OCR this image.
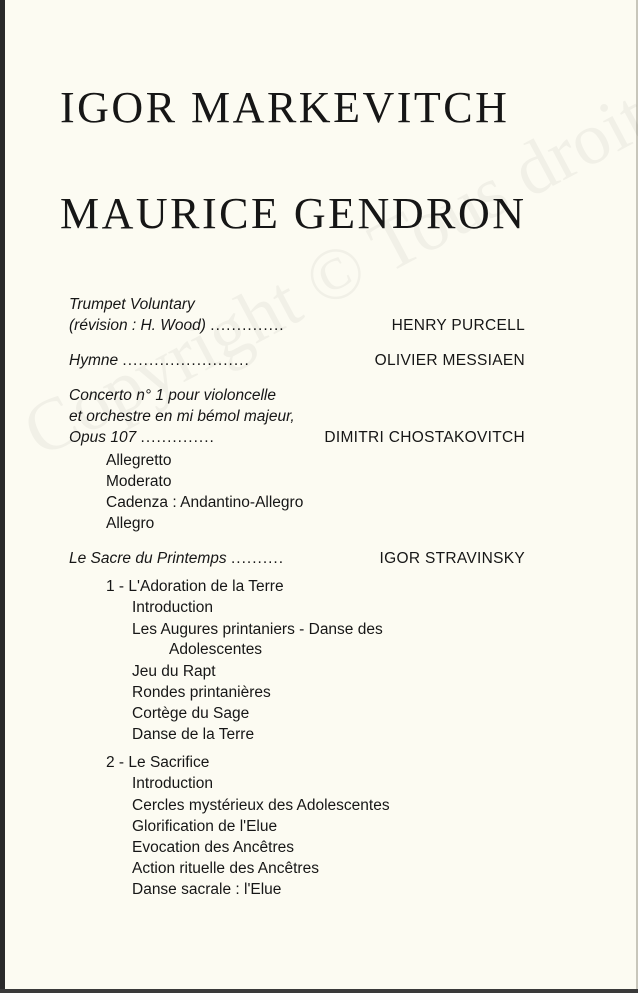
IGOR MARKEVITCH
MAURICE GENDRON
Trumpet Voluntary
(révision : H. Wood) ..............	HENRY PURCELL
Hymne ........................	OLIVIER MESSIAEN
Concerto n° 1 pour violoncelle
et orchestre en mi bémol majeur,
Opus 107 ..............	DIMITRI CHOSTAKOVITCH
Allegretto
Moderato
Cadenza : Andantino-Allegro
Allegro
Le Sacre du Printemps ..........	IGOR STRAVINSKY
1 - L'Adoration de la Terre
Introduction
Les Augures printaniers - Danse des
Adolescentes
Jeu du Rapt
Rondes printanières
Cortège du Sage
Danse de la Terre
2 - Le Sacrifice
Introduction
Cercles mystérieux des Adolescentes
Glorification de l'Elue
Evocation des Ancêtres
Action rituelle des Ancêtres
Danse sacrale : l'Elue
